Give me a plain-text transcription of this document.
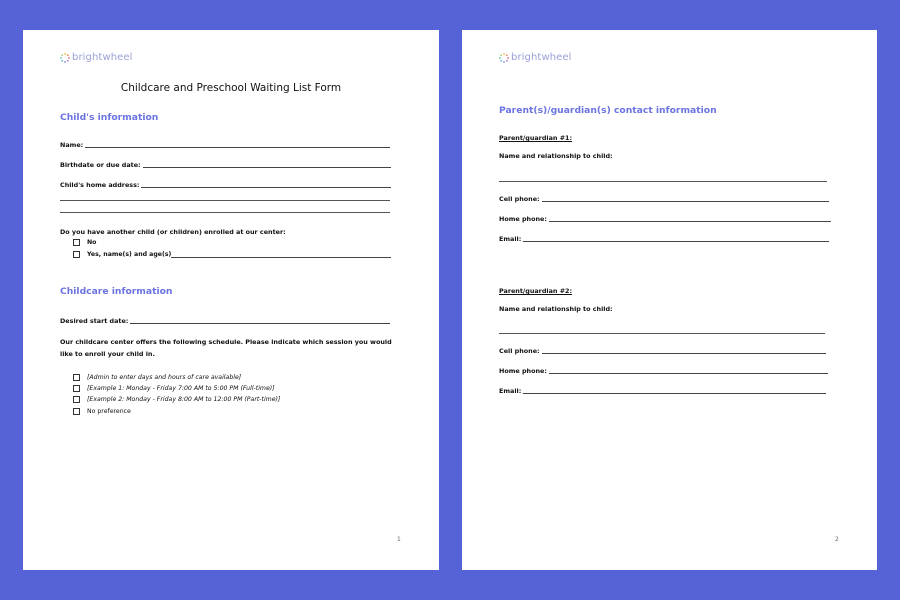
brightwheel
Childcare and Preschool Waiting List Form
Child's information
Name:
Birthdate or due date:
Child's home address:
Do you have another child (or children) enrolled at our center:
No
Yes, name(s) and age(s)
Childcare information
Desired start date:
Our childcare center offers the following schedule. Please indicate which session you would like to enroll your child in.
[Admin to enter days and hours of care available]
[Example 1: Monday - Friday 7:00 AM to 5:00 PM (Full-time)]
[Example 2: Monday - Friday 8:00 AM to 12:00 PM (Part-time)]
No preference
1
brightwheel
Parent(s)/guardian(s) contact information
Parent/guardian #1:
Name and relationship to child:
Cell phone:
Home phone:
Email:
Parent/guardian #2:
Name and relationship to child:
Cell phone:
Home phone:
Email:
2
